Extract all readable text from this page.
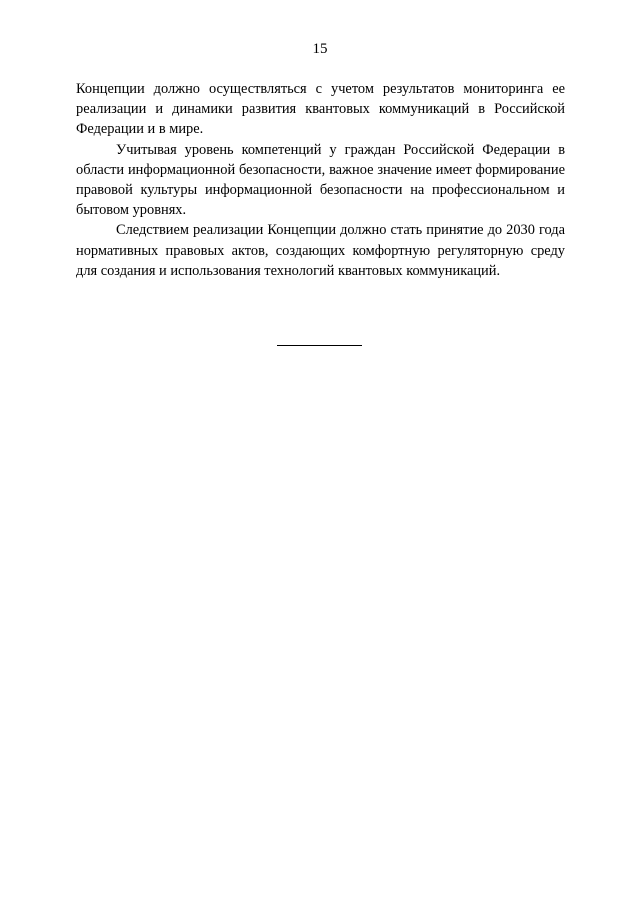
15

Концепции должно осуществляться с учетом результатов мониторинга ее реализации и динамики развития квантовых коммуникаций в Российской Федерации и в мире.

Учитывая уровень компетенций у граждан Российской Федерации в области информационной безопасности, важное значение имеет формирование правовой культуры информационной безопасности на профессиональном и бытовом уровнях.

Следствием реализации Концепции должно стать принятие до 2030 года нормативных правовых актов, создающих комфортную регуляторную среду для создания и использования технологий квантовых коммуникаций.
